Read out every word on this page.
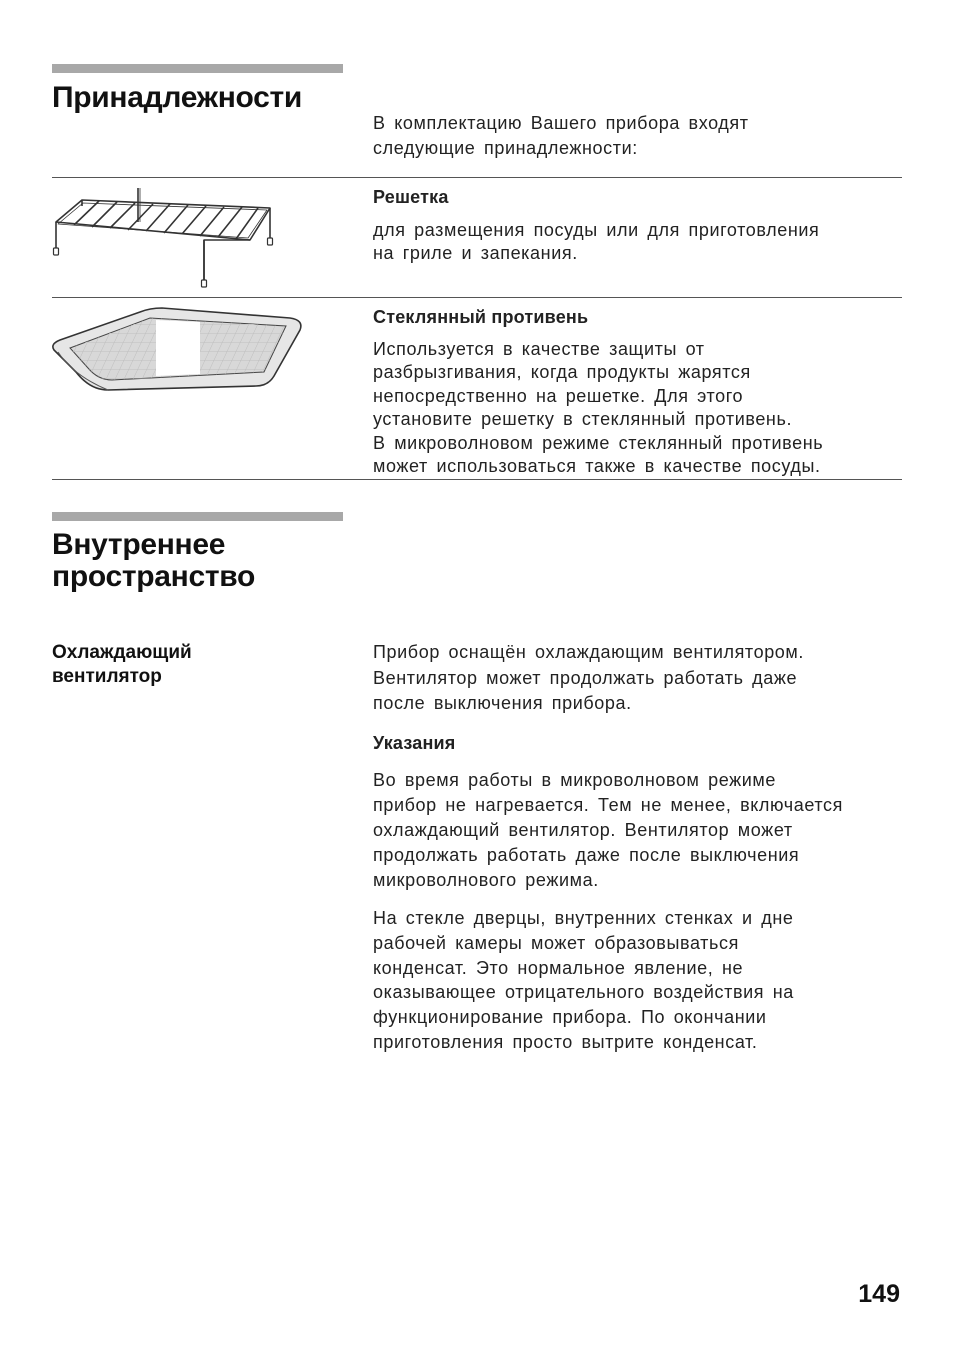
Принадлежности
В комплектацию Вашего прибора входят
следующие принадлежности:
Решетка
для размещения посуды или для приготовления
на гриле и запекания.
Стеклянный противень
Используется в качестве защиты от
разбрызгивания, когда продукты жарятся
непосредственно на решетке. Для этого
установите решетку в стеклянный противень.
В микроволновом режиме стеклянный противень
может использоваться также в качестве посуды.
Внутреннее
пространство
Охлаждающий
вентилятор
Прибор оснащён охлаждающим вентилятором.
Вентилятор может продолжать работать даже
после выключения прибора.
Указания
Во время работы в микроволновом режиме
прибор не нагревается. Тем не менее, включается
охлаждающий вентилятор. Вентилятор может
продолжать работать даже после выключения
микроволнового режима.
На стекле дверцы, внутренних стенках и дне
рабочей камеры может образовываться
конденсат. Это нормальное явление, не
оказывающее отрицательного воздействия на
функционирование прибора. По окончании
приготовления просто вытрите конденсат.
149
